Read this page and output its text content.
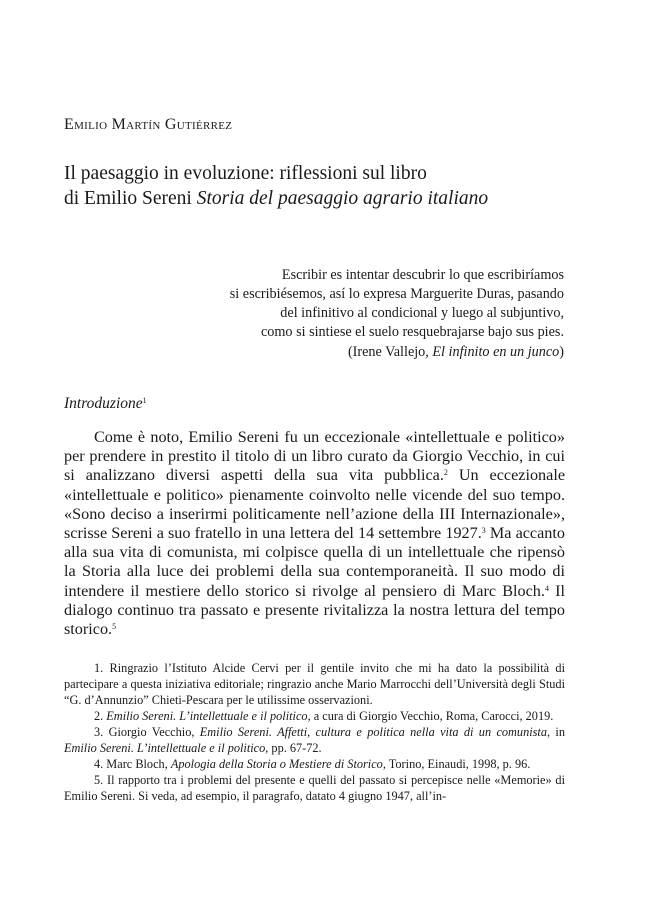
Emilio Martín Gutiérrez
Il paesaggio in evoluzione: riflessioni sul libro
di Emilio Sereni Storia del paesaggio agrario italiano
Escribir es intentar descubrir lo que escribiríamos
si escribiésemos, así lo expresa Marguerite Duras, pasando
del infinitivo al condicional y luego al subjuntivo,
como si sintiese el suelo resquebrajarse bajo sus pies.
(Irene Vallejo, El infinito en un junco)
Introduzione$^1$
Come è noto, Emilio Sereni fu un eccezionale «intellettuale e politico» per prendere in prestito il titolo di un libro curato da Giorgio Vecchio, in cui si analizzano diversi aspetti della sua vita pubblica.$^2$ Un eccezionale «intellettuale e politico» pienamente coinvolto nelle vicende del suo tempo. «Sono deciso a inserirmi politicamente nell’azione della III Internazionale», scrisse Sereni a suo fratello in una lettera del 14 settembre 1927.$^3$ Ma accanto alla sua vita di comunista, mi colpisce quella di un intellettuale che ripensò la Storia alla luce dei problemi della sua contemporaneità. Il suo modo di intendere il mestiere dello storico si rivolge al pensiero di Marc Bloch.$^4$ Il dialogo continuo tra passato e presente rivitalizza la nostra lettura del tempo storico.$^5$

1. Ringrazio l’Istituto Alcide Cervi per il gentile invito che mi ha dato la possibilità di partecipare a questa iniziativa editoriale; ringrazio anche Mario Marrocchi dell’Università degli Studi “G. d’Annunzio” Chieti-Pescara per le utilissime osservazioni.

2. Emilio Sereni. L’intellettuale e il politico, a cura di Giorgio Vecchio, Roma, Carocci, 2019.

3. Giorgio Vecchio, Emilio Sereni. Affetti, cultura e politica nella vita di un comunista, in Emilio Sereni. L’intellettuale e il politico, pp. 67-72.

4. Marc Bloch, Apologia della Storia o Mestiere di Storico, Torino, Einaudi, 1998, p. 96.

5. Il rapporto tra i problemi del presente e quelli del passato si percepisce nelle «Memorie» di Emilio Sereni. Si veda, ad esempio, il paragrafo, datato 4 giugno 1947, all’in-
